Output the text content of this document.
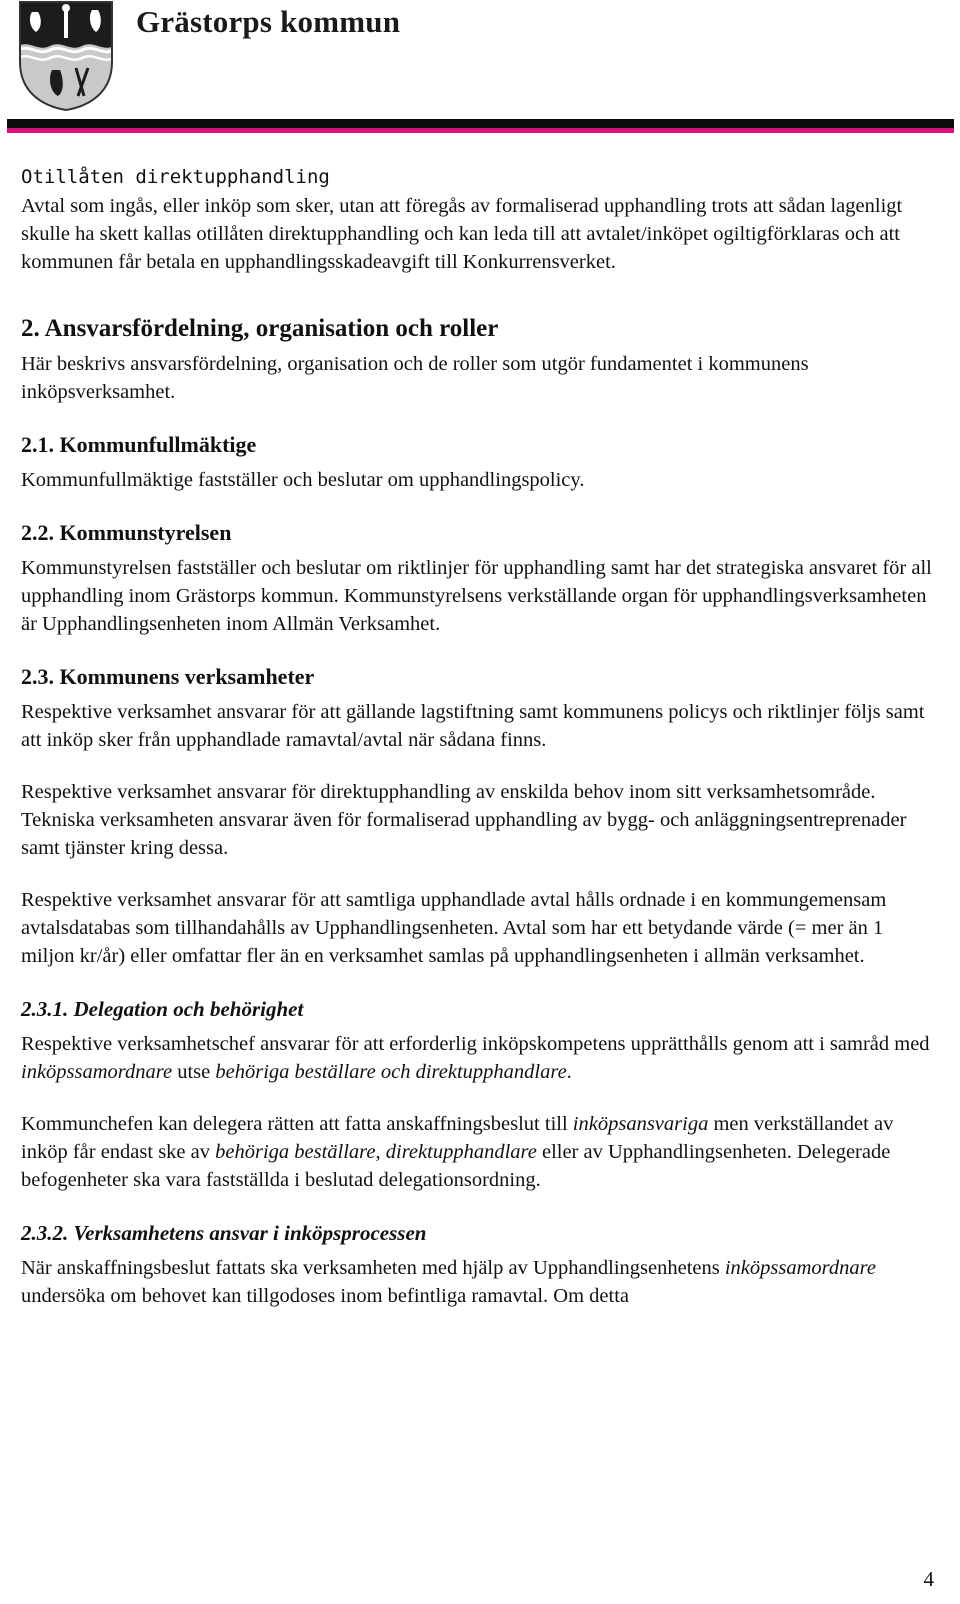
Grästorps kommun

Otillåten direktupphandling

Avtal som ingås, eller inköp som sker, utan att föregås av formaliserad upphandling trots att sådan lagenligt skulle ha skett kallas otillåten direktupphandling och kan leda till att avtalet/inköpet ogiltigförklaras och att kommunen får betala en upphandlingsskadeavgift till Konkurrensverket.

2. Ansvarsfördelning, organisation och roller

Här beskrivs ansvarsfördelning, organisation och de roller som utgör fundamentet i kommunens inköpsverksamhet.

2.1. Kommunfullmäktige

Kommunfullmäktige fastställer och beslutar om upphandlingspolicy.

2.2. Kommunstyrelsen

Kommunstyrelsen fastställer och beslutar om riktlinjer för upphandling samt har det strategiska ansvaret för all upphandling inom Grästorps kommun. Kommunstyrelsens verkställande organ för upphandlingsverksamheten är Upphandlingsenheten inom Allmän Verksamhet.

2.3. Kommunens verksamheter

Respektive verksamhet ansvarar för att gällande lagstiftning samt kommunens policys och riktlinjer följs samt att inköp sker från upphandlade ramavtal/avtal när sådana finns.

Respektive verksamhet ansvarar för direktupphandling av enskilda behov inom sitt verksamhetsområde. Tekniska verksamheten ansvarar även för formaliserad upphandling av bygg- och anläggningsentreprenader samt tjänster kring dessa.

Respektive verksamhet ansvarar för att samtliga upphandlade avtal hålls ordnade i en kommungemensam avtalsdatabas som tillhandahålls av Upphandlingsenheten. Avtal som har ett betydande värde (= mer än 1 miljon kr/år) eller omfattar fler än en verksamhet samlas på upphandlingsenheten i allmän verksamhet.

2.3.1. Delegation och behörighet

Respektive verksamhetschef ansvarar för att erforderlig inköpskompetens upprätthålls genom att i samråd med inköpssamordnare utse behöriga beställare och direktupphandlare.

Kommunchefen kan delegera rätten att fatta anskaffningsbeslut till inköpsansvariga men verkställandet av inköp får endast ske av behöriga beställare, direktupphandlare eller av Upphandlingsenheten. Delegerade befogenheter ska vara fastställda i beslutad delegationsordning.

2.3.2. Verksamhetens ansvar i inköpsprocessen

När anskaffningsbeslut fattats ska verksamheten med hjälp av Upphandlingsenhetens inköpssamordnare undersöka om behovet kan tillgodoses inom befintliga ramavtal. Om detta

4
